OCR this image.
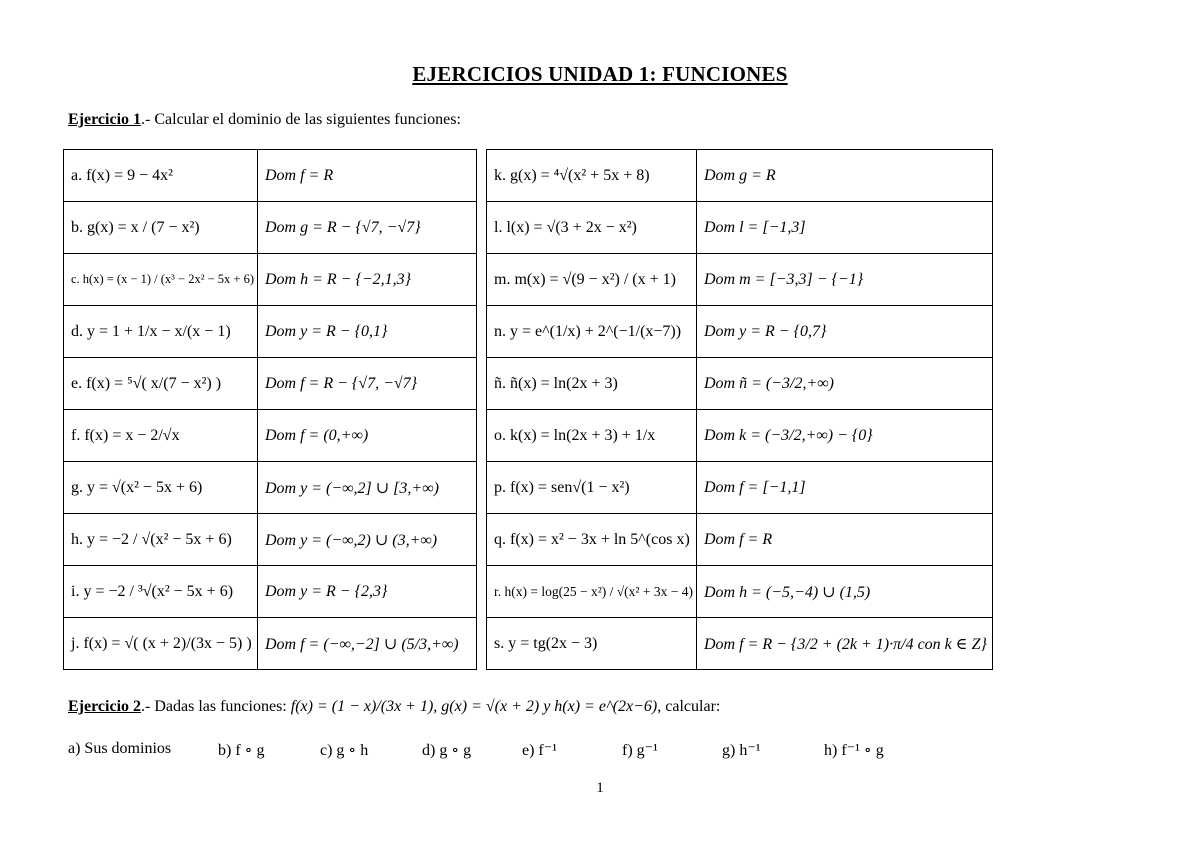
EJERCICIOS UNIDAD 1: FUNCIONES
Ejercicio 1.- Calcular el dominio de las siguientes funciones:
a. f(x) = 9 − 4x²	Dom f = R
b. g(x) = x / (7 − x²)	Dom g = R − {√7, −√7}
c. h(x) = (x − 1) / (x³ − 2x² − 5x + 6)	Dom h = R − {−2,1,3}
d. y = 1 + 1/x − x/(x − 1)	Dom y = R − {0,1}
e. f(x) = ⁵√( x/(7 − x²) )	Dom f = R − {√7, −√7}
f. f(x) = x − 2/√x	Dom f = (0,+∞)
g. y = √(x² − 5x + 6)	Dom y = (−∞,2] ∪ [3,+∞)
h. y = −2 / √(x² − 5x + 6)	Dom y = (−∞,2) ∪ (3,+∞)
i. y = −2 / ³√(x² − 5x + 6)	Dom y = R − {2,3}
j. f(x) = √( (x + 2)/(3x − 5) )	Dom f = (−∞,−2] ∪ (5/3,+∞)
k. g(x) = ⁴√(x² + 5x + 8)	Dom g = R
l. l(x) = √(3 + 2x − x²)	Dom l = [−1,3]
m. m(x) = √(9 − x²) / (x + 1)	Dom m = [−3,3] − {−1}
n. y = e^(1/x) + 2^(−1/(x−7))	Dom y = R − {0,7}
ñ. ñ(x) = ln(2x + 3)	Dom ñ = (−3/2,+∞)
o. k(x) = ln(2x + 3) + 1/x	Dom k = (−3/2,+∞) − {0}
p. f(x) = sen√(1 − x²)	Dom f = [−1,1]
q. f(x) = x² − 3x + ln 5^(cos x)	Dom f = R
r. h(x) = log(25 − x²) / √(x² + 3x − 4)	Dom h = (−5,−4) ∪ (1,5)
s. y = tg(2x − 3)	Dom f = R − {3/2 + (2k + 1)·π/4 con k ∈ Z}
Ejercicio 2.- Dadas las funciones: f(x) = (1 − x)/(3x + 1), g(x) = √(x + 2) y h(x) = e^(2x−6), calcular:
a) Sus dominios	b) f ∘ g	c) g ∘ h	d) g ∘ g	e) f⁻¹	f) g⁻¹	g) h⁻¹	h) f⁻¹ ∘ g
1
